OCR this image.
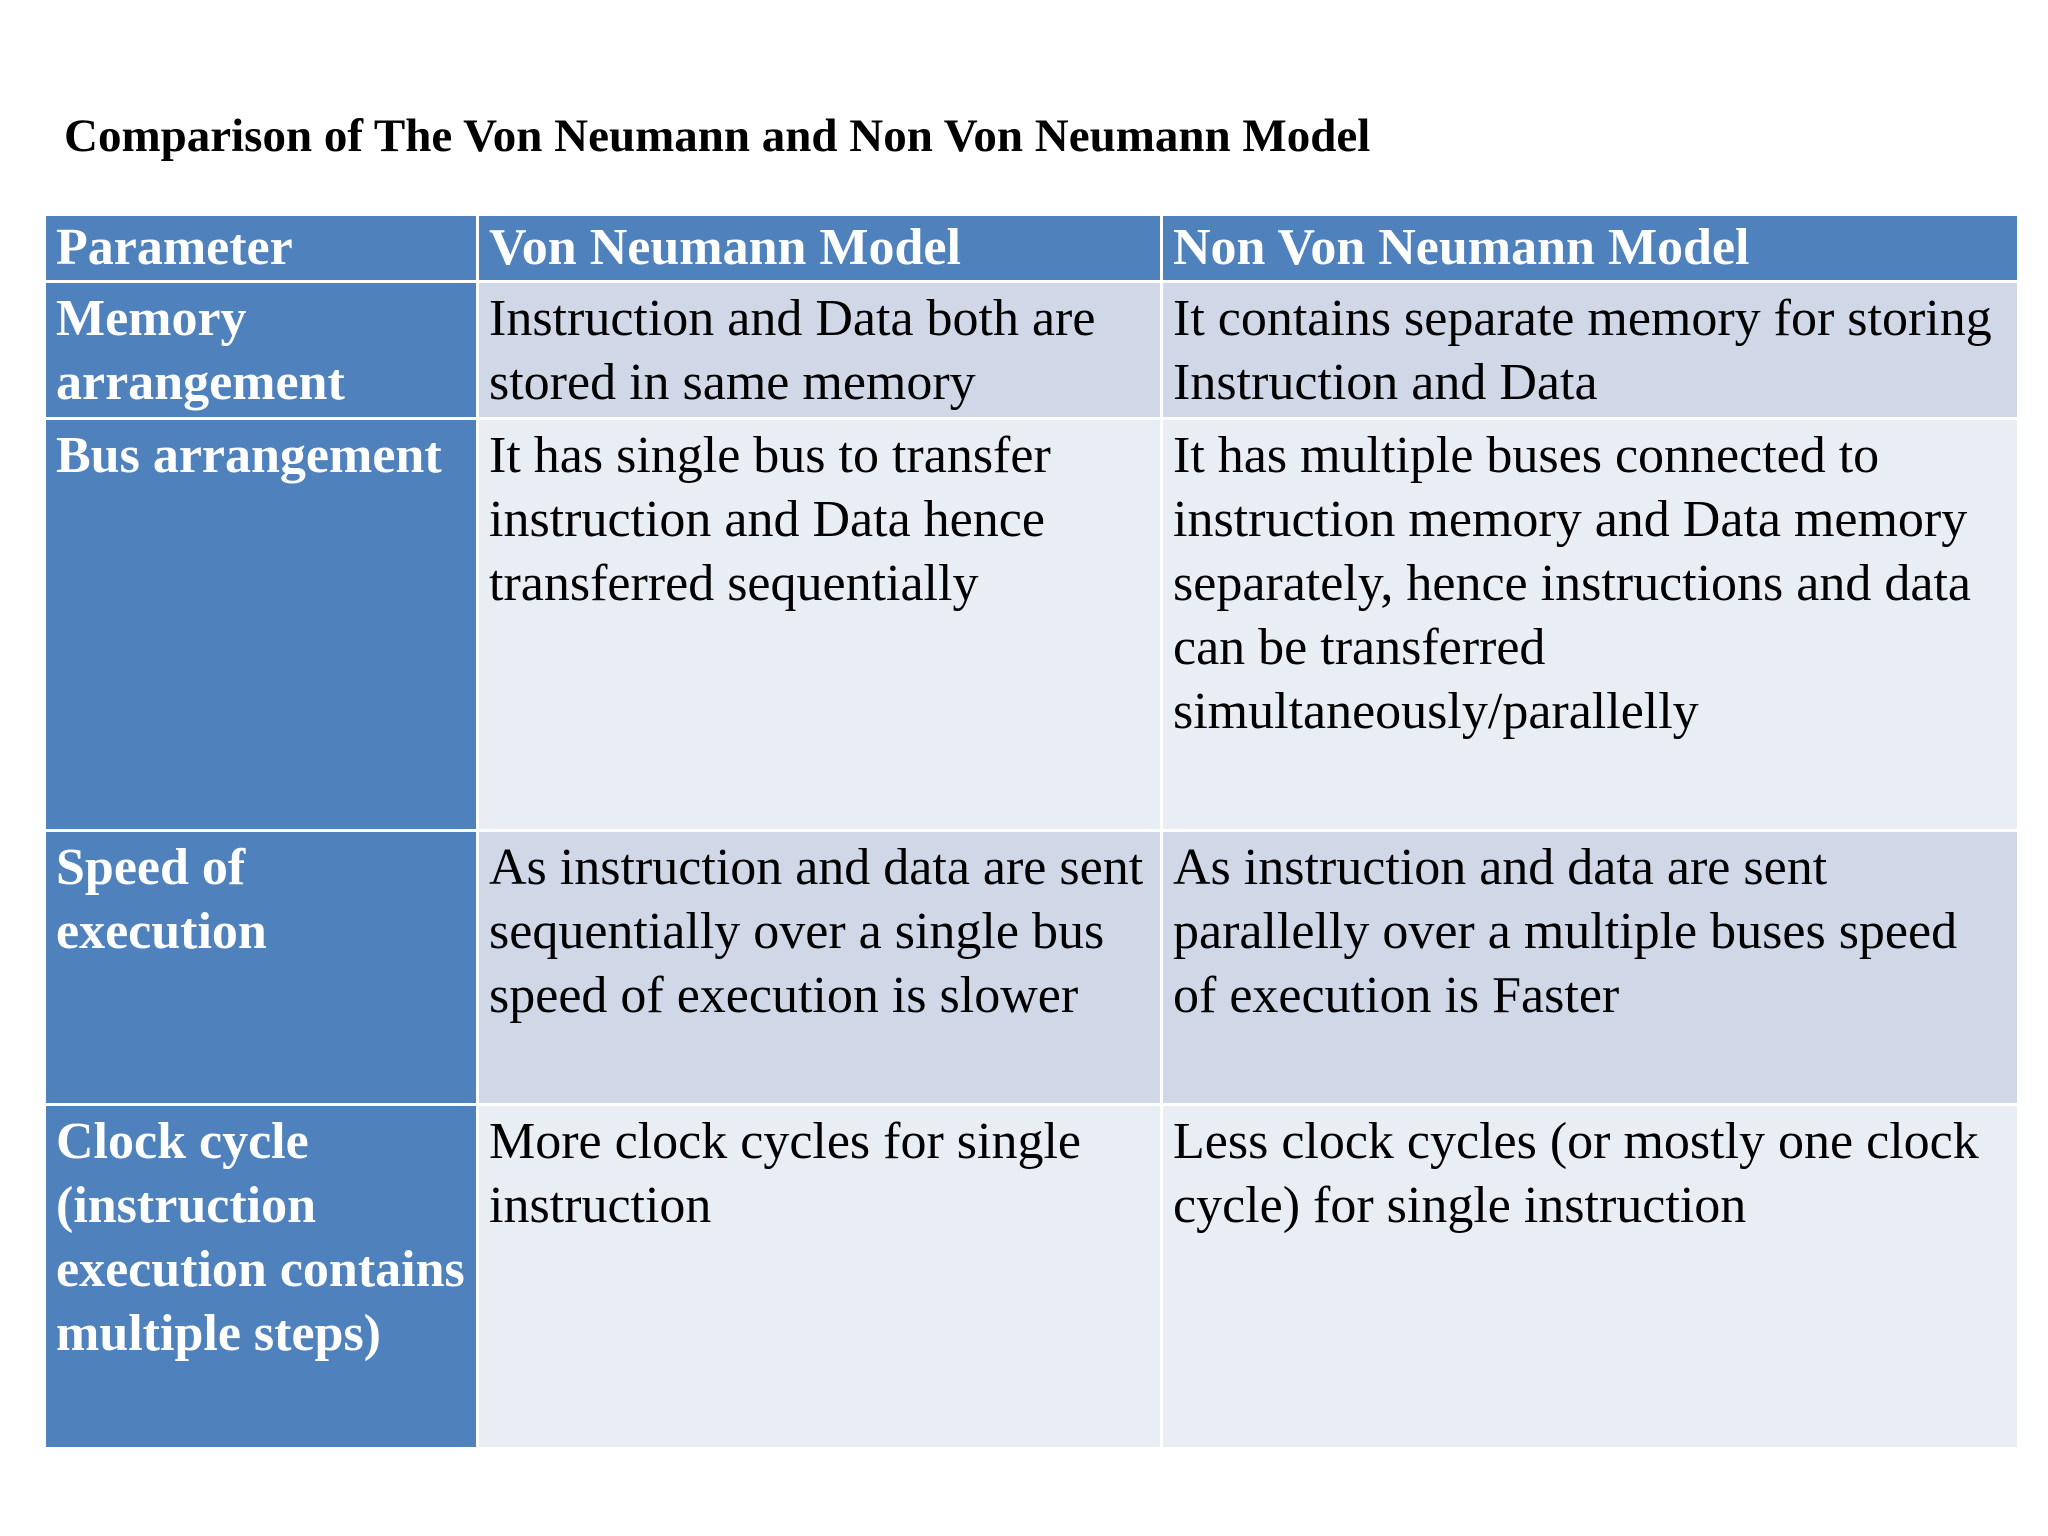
Comparison of The Von Neumann and Non Von Neumann Model
Parameter	Von Neumann Model	Non Von Neumann Model
Memory arrangement	Instruction and Data both are stored in same memory	It contains separate memory for storing Instruction and Data
Bus arrangement	It has single bus to transfer instruction and Data hence transferred sequentially	It has multiple buses connected to instruction memory and Data memory separately, hence instructions and data can be transferred simultaneously/parallelly
Speed of execution	As instruction and data are sent sequentially over a single bus speed of execution is slower	As instruction and data are sent parallelly over a multiple buses speed of execution is Faster
Clock cycle (instruction execution contains multiple steps)	More clock cycles for single instruction	Less clock cycles (or mostly one clock cycle) for single instruction
